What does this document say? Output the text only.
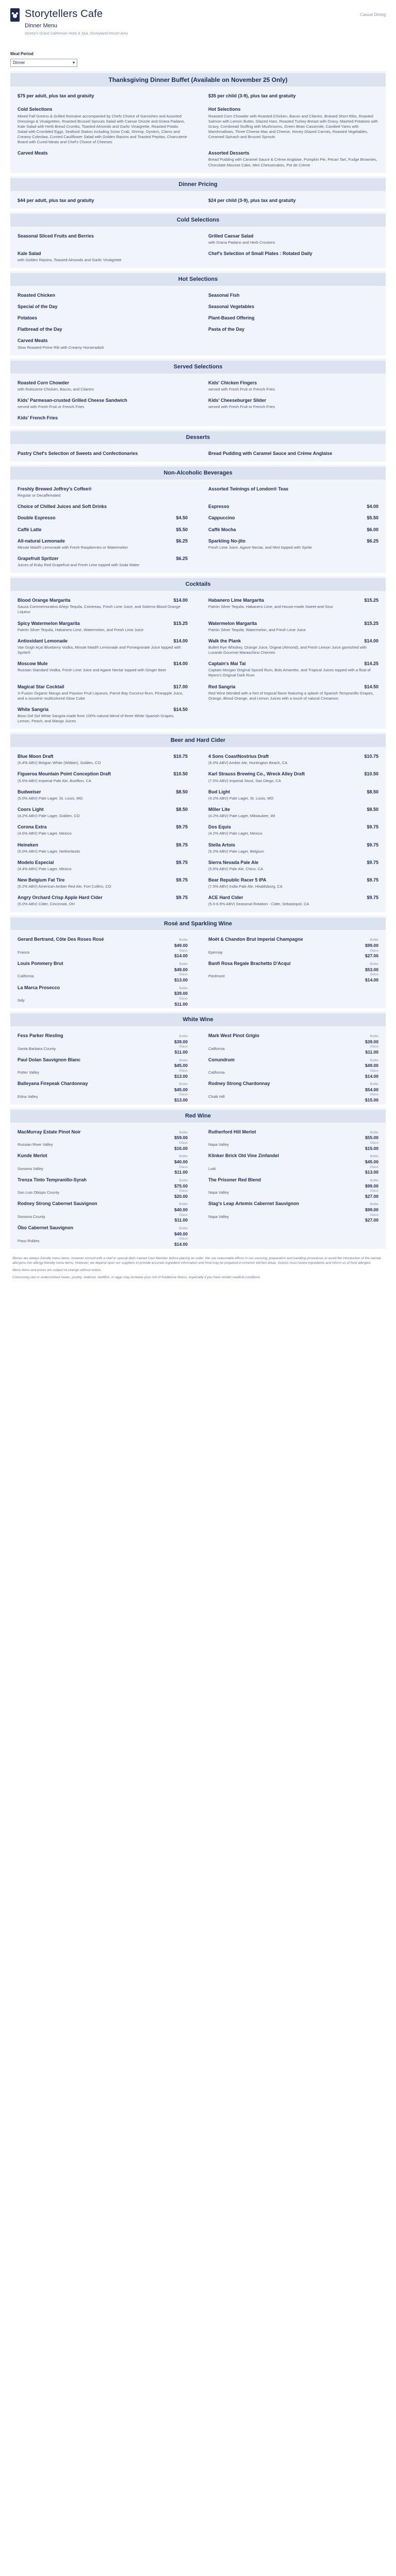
Storytellers Cafe
Dinner Menu
Disney's Grand Californian Hotel & Spa, Disneyland Resort Area
Casual Dining
Meal Period
Dinner	▾
Thanksgiving Dinner Buffet (Available on November 25 Only)
$75 per adult, plus tax and gratuity	$35 per child (3-9), plus tax and gratuity
Cold Selections
Mixed Fall Greens & Grilled Romaine accompanied by Chefs Choice of Garnishes and Assorted Dressings & Vinaigrettes. Roasted Brussel Sprouts Salad with Caesar Drizzle and Grana Padano, Kale Salad with Herb Bread Crumbs, Toasted Almonds and Garlic Vinaigrette, Roasted Potato Salad with Crumbled Eggs, Seafood Station including Snow Crab, Shrimp, Oysters, Clams and Creamy Coleslaw, Curried Cauliflower Salad with Golden Raisins and Toasted Pepitas, Charcuterie Board with Cured Meats and Chef's Choice of Cheeses
Hot Selections
Roasted Corn Chowder with Roasted Chicken, Bacon and Cilantro, Braised Short Ribs, Roasted Salmon with Lemon Butter, Glazed Ham, Roasted Turkey Breast with Gravy, Mashed Potatoes with Gravy, Cornbread Stuffing with Mushrooms, Green Bean Casserole, Candied Yams with Marshmallows, Three Cheese Mac and Cheese, Honey Glazed Carrots, Roasted Vegetables, Creamed Spinach and Brussel Sprouts
Carved Meats	Assorted Desserts
Bread Pudding with Caramel Sauce & Crème Anglaise, Pumpkin Pie, Pecan Tart, Fudge Brownies, Chocolate Mousse Cake, Mini Cheesecakes, Pot de Crème
Dinner Pricing
$44 per adult, plus tax and gratuity	$24 per child (3-9), plus tax and gratuity
Cold Selections
Seasonal Sliced Fruits and Berries	Grilled Caesar Salad
with Grana Padano and Herb Croutons
Kale Salad
with Golden Raisins, Toasted Almonds and Garlic Vinaigrette
Chef's Selection of Small Plates : Rotated Daily
Hot Selections
Roasted Chicken	Seasonal Fish
Special of the Day	Seasonal Vegetables
Potatoes	Plant-Based Offering
Flatbread of the Day	Pasta of the Day
Carved Meats
Slow Roasted Prime Rib with Creamy Horseradish
Served Selections
Roasted Corn Chowder
with Rotisserie Chicken, Bacon, and Cilantro
Kids' Chicken Fingers
served with Fresh Fruit or French Fries
Kids' Parmesan-crusted Grilled Cheese Sandwich
served with Fresh Fruit or French Fries
Kids' Cheeseburger Slider
served with Fresh Fruit or French Fries
Kids' French Fries
Desserts
Pastry Chef's Selection of Sweets and Confectionaries	Bread Pudding with Caramel Sauce and Crème Anglaise
Non-Alcoholic Beverages
Freshly Brewed Joffrey's Coffee®
Regular or Decaffeinated
Assorted Twinings of London® Teas
Choice of Chilled Juices and Soft Drinks	Espresso	$4.00
Double Espresso	$4.50	Cappuccino	$5.50
Caffè Latte	$5.50	Caffè Mocha	$6.00
All-natural Lemonade	$6.25
Minute Maid® Lemonade with Fresh Raspberries or Watermelon
Sparkling No-jito	$6.25
Fresh Lime Juice, Agave Nectar, and Mint topped with Sprite
Grapefruit Spritzer	$6.25
Juices of Ruby Red Grapefruit and Fresh Lime topped with Soda Water
Cocktails
Blood Orange Margarita	$14.00
Sauza Commemorativo Añejo Tequila, Cointreau, Fresh Lime Juice, and Solerno Blood Orange Liqueur
Habanero Lime Margarita	$15.25
Patrón Silver Tequila, Habanero Lime, and House-made Sweet-and-Sour
Spicy Watermelon Margarita	$15.25
Patrón Silver Tequila, Habanero Lime, Watermelon, and Fresh Lime Juice
Watermelon Margarita	$15.25
Patrón Silver Tequila, Watermelon, and Fresh Lime Juice
Antioxidant Lemonade	$14.00
Van Gogh Açaí Blueberry Vodka, Minute Maid® Lemonade and Pomegranate Juice topped with Sprite®
Walk the Plank	$14.00
Bulleit Rye Whiskey, Orange Juice, Orgeat (Almond), and Fresh Lemon Juice garnished with Luxardo Gourmet Maraschino Cherries
Moscow Mule	$14.00
Russian Standard Vodka, Fresh Lime Juice and Agave Nectar topped with Ginger Beer
Captain's Mai Tai	$14.25
Captain Morgan Original Spiced Rum, Bols Amaretto, and Tropical Juices topped with a float of Myers's Original Dark Rum
Magical Star Cocktail	$17.00
X-Fusion Organic Mango and Passion Fruit Liqueurs, Parrot Bay Coconut Rum, Pineapple Juice, and a souvenir multicolored Glow Cube
Red Sangria	$14.50
Red Wine blended with a hint of tropical flavor featuring a splash of Spanish Tempranillo Grapes, Orange, Blood Orange, and Lemon Juices with a touch of natural Cinnamon
White Sangria	$14.50
Beso Del Sol White Sangria made from 100% natural blend of three White Spanish Grapes, Lemon, Peach, and Mango Juices
Beer and Hard Cider
Blue Moon Draft	$10.75
(5.4% ABV) Belgian White (Witbier), Golden, CO
4 Sons CoastNostrius Draft	$10.75
(6.0% ABV) Amber Ale, Huntington Beach, CA
Figueroa Mountain Point Conception Draft	$10.50
(5.5% ABV) Imperial Pale Ale, Buellton, CA
Karl Strauss Brewing Co., Wreck Alley Draft	$10.50
(7.5% ABV) Imperial Stout, San Diego, CA
Budweiser	$8.50
(5.0% ABV) Pale Lager, St. Louis, MO
Bud Light	$8.50
(4.2% ABV) Pale Lager, St. Louis, MO
Coors Light	$8.50
(4.2% ABV) Pale Lager, Golden, CO
Miller Lite	$8.50
(4.2% ABV) Pale Lager, Milwaukee, WI
Corona Extra	$9.75
(4.6% ABV) Pale Lager, Mexico
Dos Equis	$9.75
(4.2% ABV) Pale Lager, Mexico
Heineken	$9.75
(5.0% ABV) Pale Lager, Netherlands
Stella Artois	$9.75
(5.2% ABV) Pale Lager, Belgium
Modelo Especial	$9.75
(4.4% ABV) Pale Lager, Mexico
Sierra Nevada Pale Ale	$9.75
(5.6% ABV) Pale Ale, Chico, CA
New Belgium Fat Tire	$9.75
(5.2% ABV) American Amber Red Ale, Fort Collins, CO
Bear Republic Racer 5 IPA	$9.75
(7.5% ABV) India Pale Ale, Healdsburg, CA
Angry Orchard Crisp Apple Hard Cider	$9.75
(5.0% ABV) Cider, Cincinnati, OH
ACE Hard Cider	$9.75
(5.0-6.9% ABV) Seasonal Rotation - Cider, Sebastopol, CA
Rosé and Sparkling Wine
Gerard Bertrand, Côte Des Roses Rosé	Bottle
$49.00
Glass
$14.00
France
Moët & Chandon Brut Imperial Champagne	Bottle
$99.00
Glass
$27.00
Epernay
Louis Pommery Brut	Bottle
$49.00
Glass
$13.00
California
Banfi Rosa Regale Brachetto D'Acqui	Bottle
$53.00
Glass
$14.00
Piedmont
La Marca Prosecco	Bottle
$39.00
Glass
$11.00
Italy
White Wine
Fess Parker Riesling	Bottle
$39.00
Glass
$11.00
Santa Barbara County
Mark West Pinot Grigio	Bottle
$39.00
Glass
$11.00
California
Paul Dolan Sauvignon Blanc	Bottle
$45.00
Glass
$13.00
Potter Valley
Conundrum	Bottle
$49.00
Glass
$14.00
California
Balleyana Firepeak Chardonnay	Bottle
$45.00
Glass
$13.00
Edna Valley
Rodney Strong Chardonnay	Bottle
$54.00
Glass
$15.00
Chalk Hill
Red Wine
MacMurray Estate Pinot Noir	Bottle
$59.00
Glass
$16.00
Russian River Valley
Rutherford Hill Merlot	Bottle
$55.00
Glass
$15.00
Napa Valley
Kunde Merlot	Bottle
$40.00
Glass
$11.00
Sonoma Valley
Klinker Brick Old Vine Zinfandel	Bottle
$45.00
Glass
$13.00
Lodi
Trenza Tinto Tempranillo-Syrah	Bottle
$75.00
Glass
$20.00
San Luis Obispo County
The Prisoner Red Blend	Bottle
$99.00
Glass
$27.00
Napa Valley
Rodney Strong Cabernet Sauvignon	Bottle
$40.00
Glass
$11.00
Sonoma County
Stag's Leap Artemis Cabernet Sauvignon	Bottle
$99.00
Glass
$27.00
Napa Valley
Ōbo Cabernet Sauvignon	Bottle
$49.00
Glass
$14.00
Paso Robles

Menus are always friendly menu items, however consult with a chef or special diets trained Cast Member before placing an order. We use reasonable efforts in our sourcing, preparation and handling procedures to avoid the introduction of the named allergens into allergy-friendly menu items. However, we depend upon our suppliers to provide accurate ingredient information and food may be prepared in common kitchen areas. Guests must review ingredients and inform us of food allergies.

Menu items and prices are subject to change without notice.

Consuming raw or undercooked meats, poultry, seafood, shellfish, or eggs may increase your risk of foodborne illness, especially if you have certain medical conditions.
